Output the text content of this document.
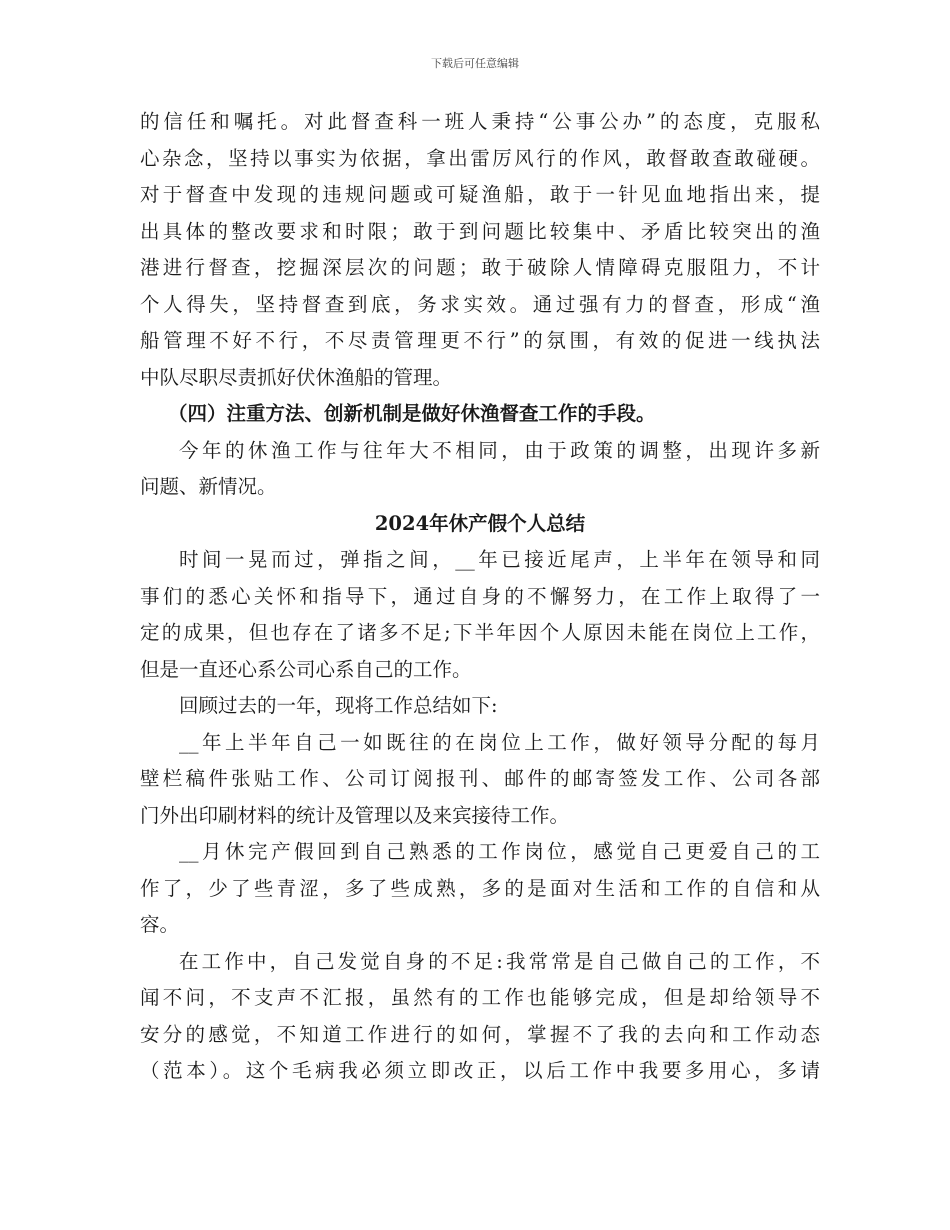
下载后可任意编辑
的信任和嘱托。对此督查科一班人秉持“公事公办”的态度，克服私
心杂念，坚持以事实为依据，拿出雷厉风行的作风，敢督敢查敢碰硬。
对于督查中发现的违规问题或可疑渔船，敢于一针见血地指出来，提
出具体的整改要求和时限；敢于到问题比较集中、矛盾比较突出的渔
港进行督查，挖掘深层次的问题；敢于破除人情障碍克服阻力，不计
个人得失，坚持督查到底，务求实效。通过强有力的督查，形成“渔
船管理不好不行，不尽责管理更不行”的氛围，有效的促进一线执法
中队尽职尽责抓好伏休渔船的管理。
（四）注重方法、创新机制是做好休渔督查工作的手段。
今年的休渔工作与往年大不相同，由于政策的调整，出现许多新
问题、新情况。
2024年休产假个人总结
时间一晃而过，弹指之间，__年已接近尾声，上半年在领导和同
事们的悉心关怀和指导下，通过自身的不懈努力，在工作上取得了一
定的成果，但也存在了诸多不足;下半年因个人原因未能在岗位上工作，
但是一直还心系公司心系自己的工作。
回顾过去的一年，现将工作总结如下:
__年上半年自己一如既往的在岗位上工作，做好领导分配的每月
壁栏稿件张贴工作、公司订阅报刊、邮件的邮寄签发工作、公司各部
门外出印刷材料的统计及管理以及来宾接待工作。
__月休完产假回到自己熟悉的工作岗位，感觉自己更爱自己的工
作了，少了些青涩，多了些成熟，多的是面对生活和工作的自信和从
容。
在工作中，自己发觉自身的不足:我常常是自己做自己的工作，不
闻不问，不支声不汇报，虽然有的工作也能够完成，但是却给领导不
安分的感觉，不知道工作进行的如何，掌握不了我的去向和工作动态
（范本）。这个毛病我必须立即改正，以后工作中我要多用心，多请
